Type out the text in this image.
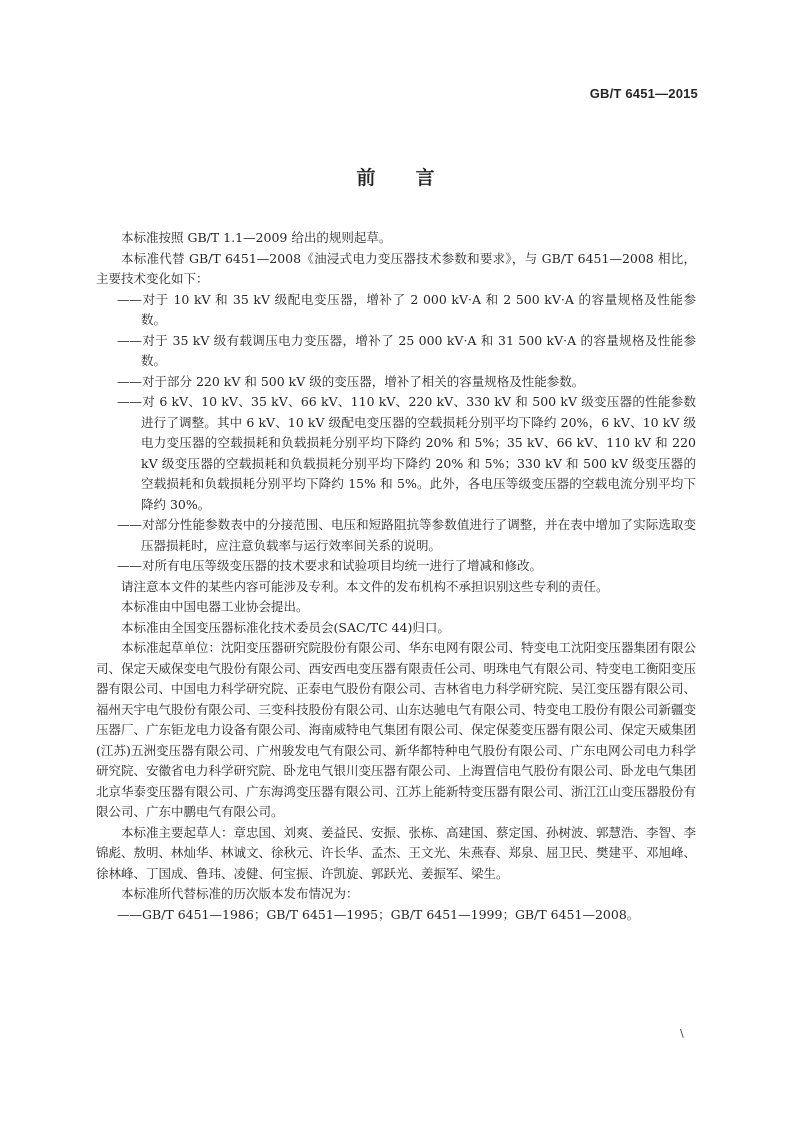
GB/T 6451—2015
前 言

本标准按照 GB/T 1.1—2009 给出的规则起草。

本标准代替 GB/T 6451—2008《油浸式电力变压器技术参数和要求》，与 GB/T 6451—2008 相比，主要技术变化如下：

——对于 10 kV 和 35 kV 级配电变压器，增补了 2 000 kV·A 和 2 500 kV·A 的容量规格及性能参数。

——对于 35 kV 级有载调压电力变压器，增补了 25 000 kV·A 和 31 500 kV·A 的容量规格及性能参数。

——对于部分 220 kV 和 500 kV 级的变压器，增补了相关的容量规格及性能参数。

——对 6 kV、10 kV、35 kV、66 kV、110 kV、220 kV、330 kV 和 500 kV 级变压器的性能参数进行了调整。其中 6 kV、10 kV 级配电变压器的空载损耗分别平均下降约 20%，6 kV、10 kV 级电力变压器的空载损耗和负载损耗分别平均下降约 20% 和 5%；35 kV、66 kV、110 kV 和 220 kV 级变压器的空载损耗和负载损耗分别平均下降约 20% 和 5%；330 kV 和 500 kV 级变压器的空载损耗和负载损耗分别平均下降约 15% 和 5%。此外，各电压等级变压器的空载电流分别平均下降约 30%。

——对部分性能参数表中的分接范围、电压和短路阻抗等参数值进行了调整，并在表中增加了实际选取变压器损耗时，应注意负载率与运行效率间关系的说明。

——对所有电压等级变压器的技术要求和试验项目均统一进行了增减和修改。

请注意本文件的某些内容可能涉及专利。本文件的发布机构不承担识别这些专利的责任。

本标准由中国电器工业协会提出。

本标准由全国变压器标准化技术委员会(SAC/TC 44)归口。

本标准起草单位：沈阳变压器研究院股份有限公司、华东电网有限公司、特变电工沈阳变压器集团有限公司、保定天威保变电气股份有限公司、西安西电变压器有限责任公司、明珠电气有限公司、特变电工衡阳变压器有限公司、中国电力科学研究院、正泰电气股份有限公司、吉林省电力科学研究院、吴江变压器有限公司、福州天宇电气股份有限公司、三变科技股份有限公司、山东达驰电气有限公司、特变电工股份有限公司新疆变压器厂、广东钜龙电力设备有限公司、海南威特电气集团有限公司、保定保菱变压器有限公司、保定天威集团(江苏)五洲变压器有限公司、广州骏发电气有限公司、新华都特种电气股份有限公司、广东电网公司电力科学研究院、安徽省电力科学研究院、卧龙电气银川变压器有限公司、上海置信电气股份有限公司、卧龙电气集团北京华泰变压器有限公司、广东海鸿变压器有限公司、江苏上能新特变压器有限公司、浙江江山变压器股份有限公司、广东中鹏电气有限公司。

本标准主要起草人：章忠国、刘爽、姜益民、安振、张栋、高建国、蔡定国、孙树波、郭慧浩、李智、李锦彪、敖明、林灿华、林诚文、徐秋元、许长华、孟杰、王文光、朱燕春、郑泉、屈卫民、樊建平、邓旭峰、徐林峰、丁国成、鲁玮、凌健、何宝振、许凯旋、郭跃光、姜振军、梁生。

本标准所代替标准的历次版本发布情况为：

——GB/T 6451—1986；GB/T 6451—1995；GB/T 6451—1999；GB/T 6451—2008。

\
